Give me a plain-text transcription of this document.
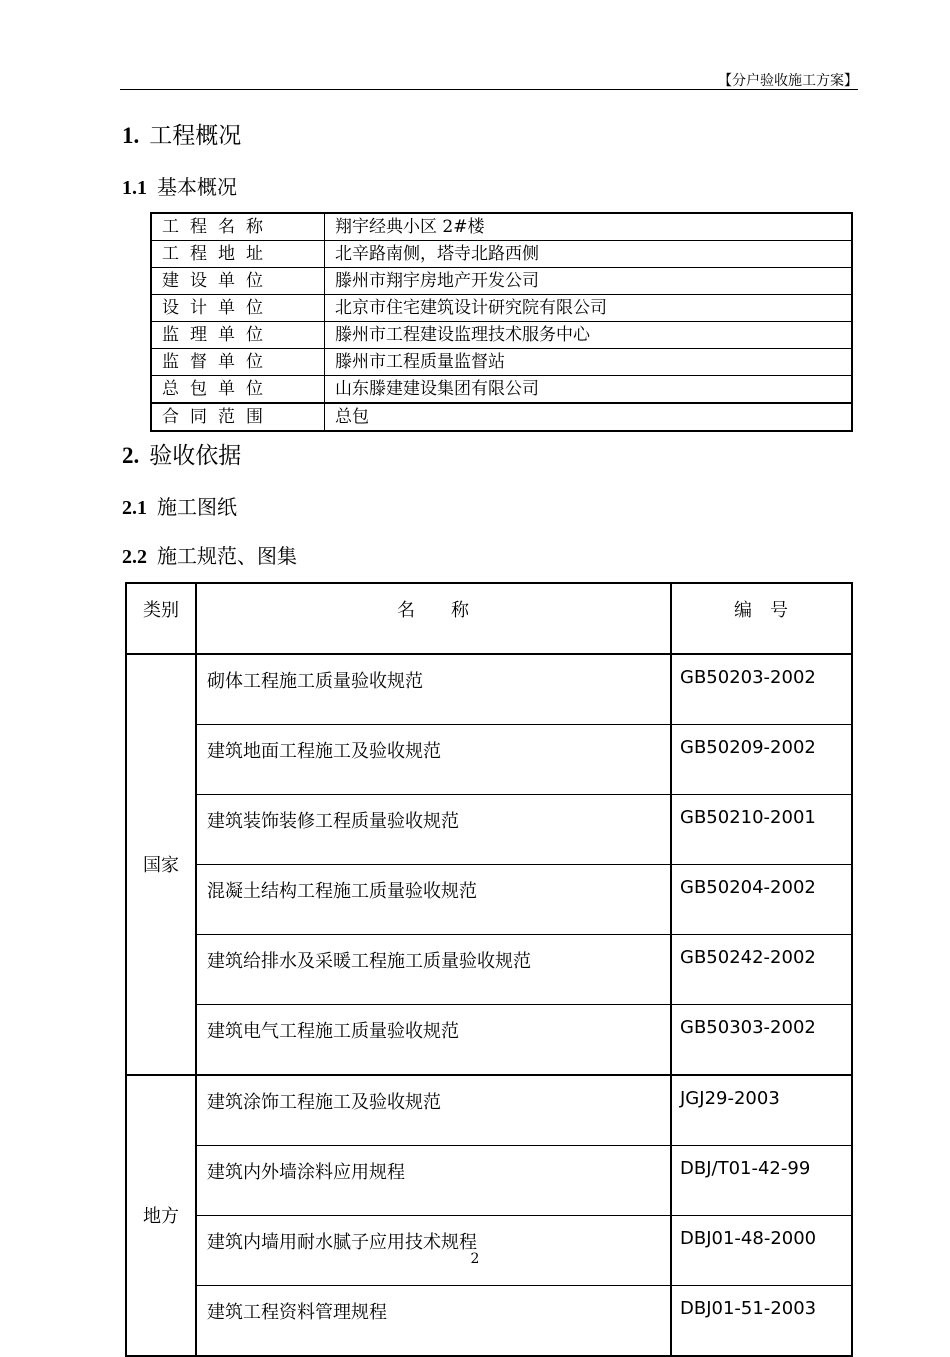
【分户验收施工方案】
1. 工程概况
1.1 基本概况
工程名称	翔宇经典小区 2#楼
工程地址	北辛路南侧，塔寺北路西侧
建设单位	滕州市翔宇房地产开发公司
设计单位	北京市住宅建筑设计研究院有限公司
监理单位	滕州市工程建设监理技术服务中心
监督单位	滕州市工程质量监督站
总包单位	山东滕建建设集团有限公司
合同范围	总包
2. 验收依据
2.1 施工图纸
2.2 施工规范、图集
类别	名　　称	编　号
国家	砌体工程施工质量验收规范	GB50203-2002
	建筑地面工程施工及验收规范	GB50209-2002
	建筑装饰装修工程质量验收规范	GB50210-2001
	混凝土结构工程施工质量验收规范	GB50204-2002
	建筑给排水及采暖工程施工质量验收规范	GB50242-2002
	建筑电气工程施工质量验收规范	GB50303-2002
地方	建筑涂饰工程施工及验收规范	JGJ29-2003
	建筑内外墙涂料应用规程	DBJ/T01-42-99
	建筑内墙用耐水腻子应用技术规程	DBJ01-48-2000
	建筑工程资料管理规程	DBJ01-51-2003
2
